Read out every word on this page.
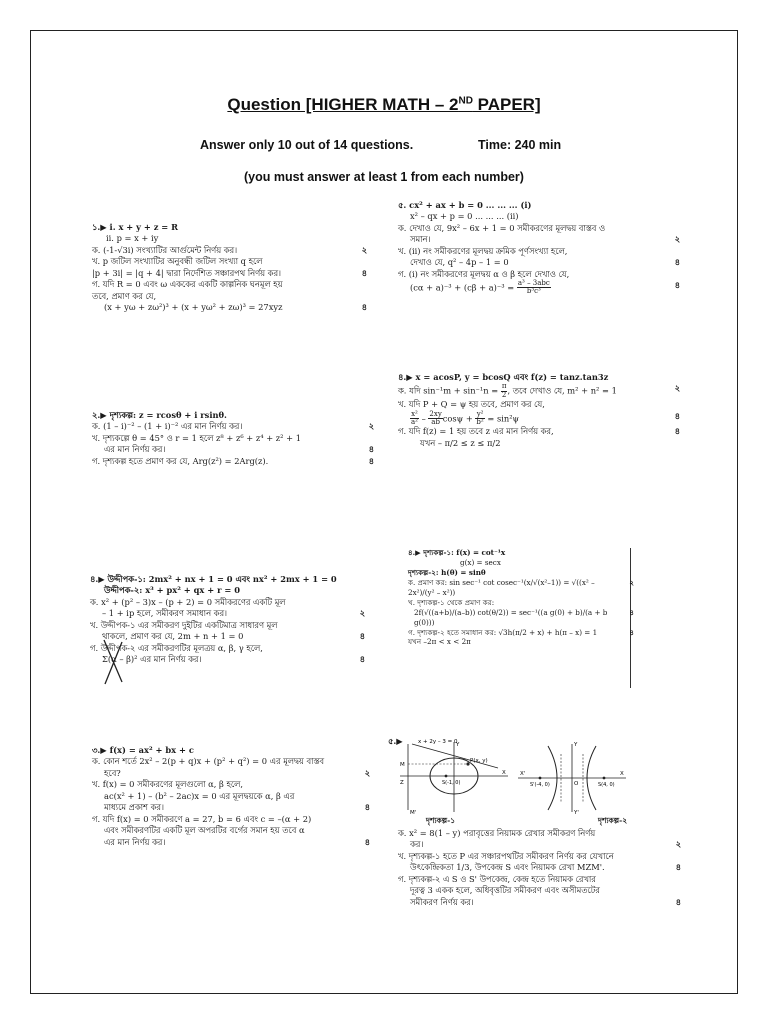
Question [HIGHER MATH – 2ND PAPER]
Answer only 10 out of 14 questions.	Time: 240 min
(you must answer at least 1 from each number)
১.▶ i. x + y + z = R
ii. p = x + iy
ক. (-1-√3i) সংখ্যাটির আর্গুমেন্ট নির্ণয় কর।	২
খ. p জটিল সংখ্যাটির অনুবন্ধী জটিল সংখ্যা q হলে
|p + 3i| = |q + 4| দ্বারা নির্দেশিত সঞ্চারপথ নির্ণয় কর।	৪
গ. যদি R = 0 এবং ω এককের একটি কাল্পনিক ঘনমূল হয়
তবে, প্রমাণ কর যে,
(x + yω + zω²)³ + (x + yω² + zω)³ = 27xyz	৪
২.▶ দৃশ্যকল্প: z = rcosθ + i rsinθ.
ক. (1 – i)⁻² – (1 + i)⁻² এর মান নির্ণয় কর।	২
খ. দৃশ্যকল্পে θ = 45° ও r = 1 হলে z⁸ + z⁶ + z⁴ + z² + 1
এর মান নির্ণয় কর।	৪
গ. দৃশ্যকল্প হতে প্রমাণ কর যে, Arg(z²) = 2Arg(z).	৪
৪.▶ উদ্দীপক-১: 2mx² + nx + 1 = 0 এবং nx² + 2mx + 1 = 0
উদ্দীপক-২: x³ + px² + qx + r = 0
ক. x² + (p² – 3)x – (p + 2) = 0 সমীকরণের একটি মূল
– 1 + ip হলে, সমীকরণ সমাধান কর।	২
খ. উদ্দীপক-১ এর সমীকরণ দুইটির একটিমাত্র সাধারণ মূল
থাকলে, প্রমাণ কর যে, 2m + n + 1 = 0	৪
গ. উদ্দীপক-২ এর সমীকরণটির মূলত্রয় α, β, γ হলে,
Σ(α – β)² এর মান নির্ণয় কর।	৪
৩.▶ f(x) = ax² + bx + c
ক. কোন শর্তে 2x² – 2(p + q)x + (p² + q²) = 0 এর মূলদ্বয় বাস্তব
হবে?	২
খ. f(x) = 0 সমীকরণের মূলগুলো α, β হলে,
ac(x² + 1) – (b² – 2ac)x = 0 এর মূলদ্বয়কে α, β এর
মাধ্যমে প্রকাশ কর।	৪
গ. যদি f(x) = 0 সমীকরণে a = 27, b = 6 এবং c = –(α + 2)
এবং সমীকরণটির একটি মূল অপরটির বর্গের সমান হয় তবে α
এর মান নির্ণয় কর।	৪
৫. cx² + ax + b = 0 ... ... ... (i)
x² – qx + p = 0 ... ... ... (ii)
ক. দেখাও যে, 9x² – 6x + 1 = 0 সমীকরণের মূলদ্বয় বাস্তব ও
সমান।	২
খ. (ii) নং সমীকরণের মূলদ্বয় ক্রমিক পূর্ণসংখ্যা হলে,
দেখাও যে, q² – 4p – 1 = 0	৪
গ. (i) নং সমীকরণের মূলদ্বয় α ও β হলে দেখাও যে,
$(c\alpha + a)^{-3} + (c\beta + a)^{-3} = \frac{\text{a³ – 3abc}}{\text{b³c³}}$	৪
৪.▶ x = acosP, y = bcosQ এবং f(z) = tanz.tan3z
ক. যদি $\sin^{-1}m + \sin^{-1}n = \frac{\pi}{2}$ , তবে দেখাও যে, m² + n² = 1	২
খ. যদি P + Q = ψ হয় তবে, প্রমাণ কর যে,
$\frac{\text{x²}}{\text{a²}} - \frac{2xy}{ab}$ $\cos\psi + \frac{\text{y²}}{\text{b²}} = \sin^2\psi$	৪
গ. যদি f(z) = 1 হয় তবে z এর মান নির্ণয় কর,	৪
যখন – π/2 ≤ z ≤ π/2
৪.▶ দৃশ্যকল্প-১: f(x) = cot⁻¹x
g(x) = secx
দৃশ্যকল্প-২: h(θ) = sinθ
ক. প্রমাণ কর: sin sec⁻¹ cot cosec⁻¹(x/√(x²–1)) = √((x² – 2x²)/(y² – x²))
২
খ. দৃশ্যকল্প-১ থেকে প্রমাণ কর:
2f(√((a+b)/(a–b)) cot(θ/2)) = sec⁻¹((a g(0) + b)/(a + b g(0)))
৪
গ. দৃশ্যকল্প-২ হতে সমাধান কর: √3h(π/2 + x) + h(π – x) = 1	৪
যখন –2π < x < 2π
x + 2y – 3 = 0
P(x, y)
S(-1, 0)
M
M'
Z
X
Y
X'
S'(-4, 0)	S(4, 0)
Y
Y'
O
X
৫.▶
দৃশ্যকল্প-১	দৃশ্যকল্প-২
ক. x² = 8(1 – y) পরাবৃত্তের নিয়ামক রেখার সমীকরণ নির্ণয়
কর।	২
খ. দৃশ্যকল্প-১ হতে P এর সঞ্চারপথটির সমীকরণ নির্ণয় কর যেখানে
উৎকেন্দ্রিকতা 1/3, উপকেন্দ্র S এবং নিয়ামক রেখা MZM'.	৪
গ. দৃশ্যকল্প-২ এ S ও S' উপকেন্দ্র, কেন্দ্র হতে নিয়ামক রেখার
দূরত্ব 3 একক হলে, অধিবৃত্তটির সমীকরণ এবং অসীমতটের
সমীকরণ নির্ণয় কর।	৪
